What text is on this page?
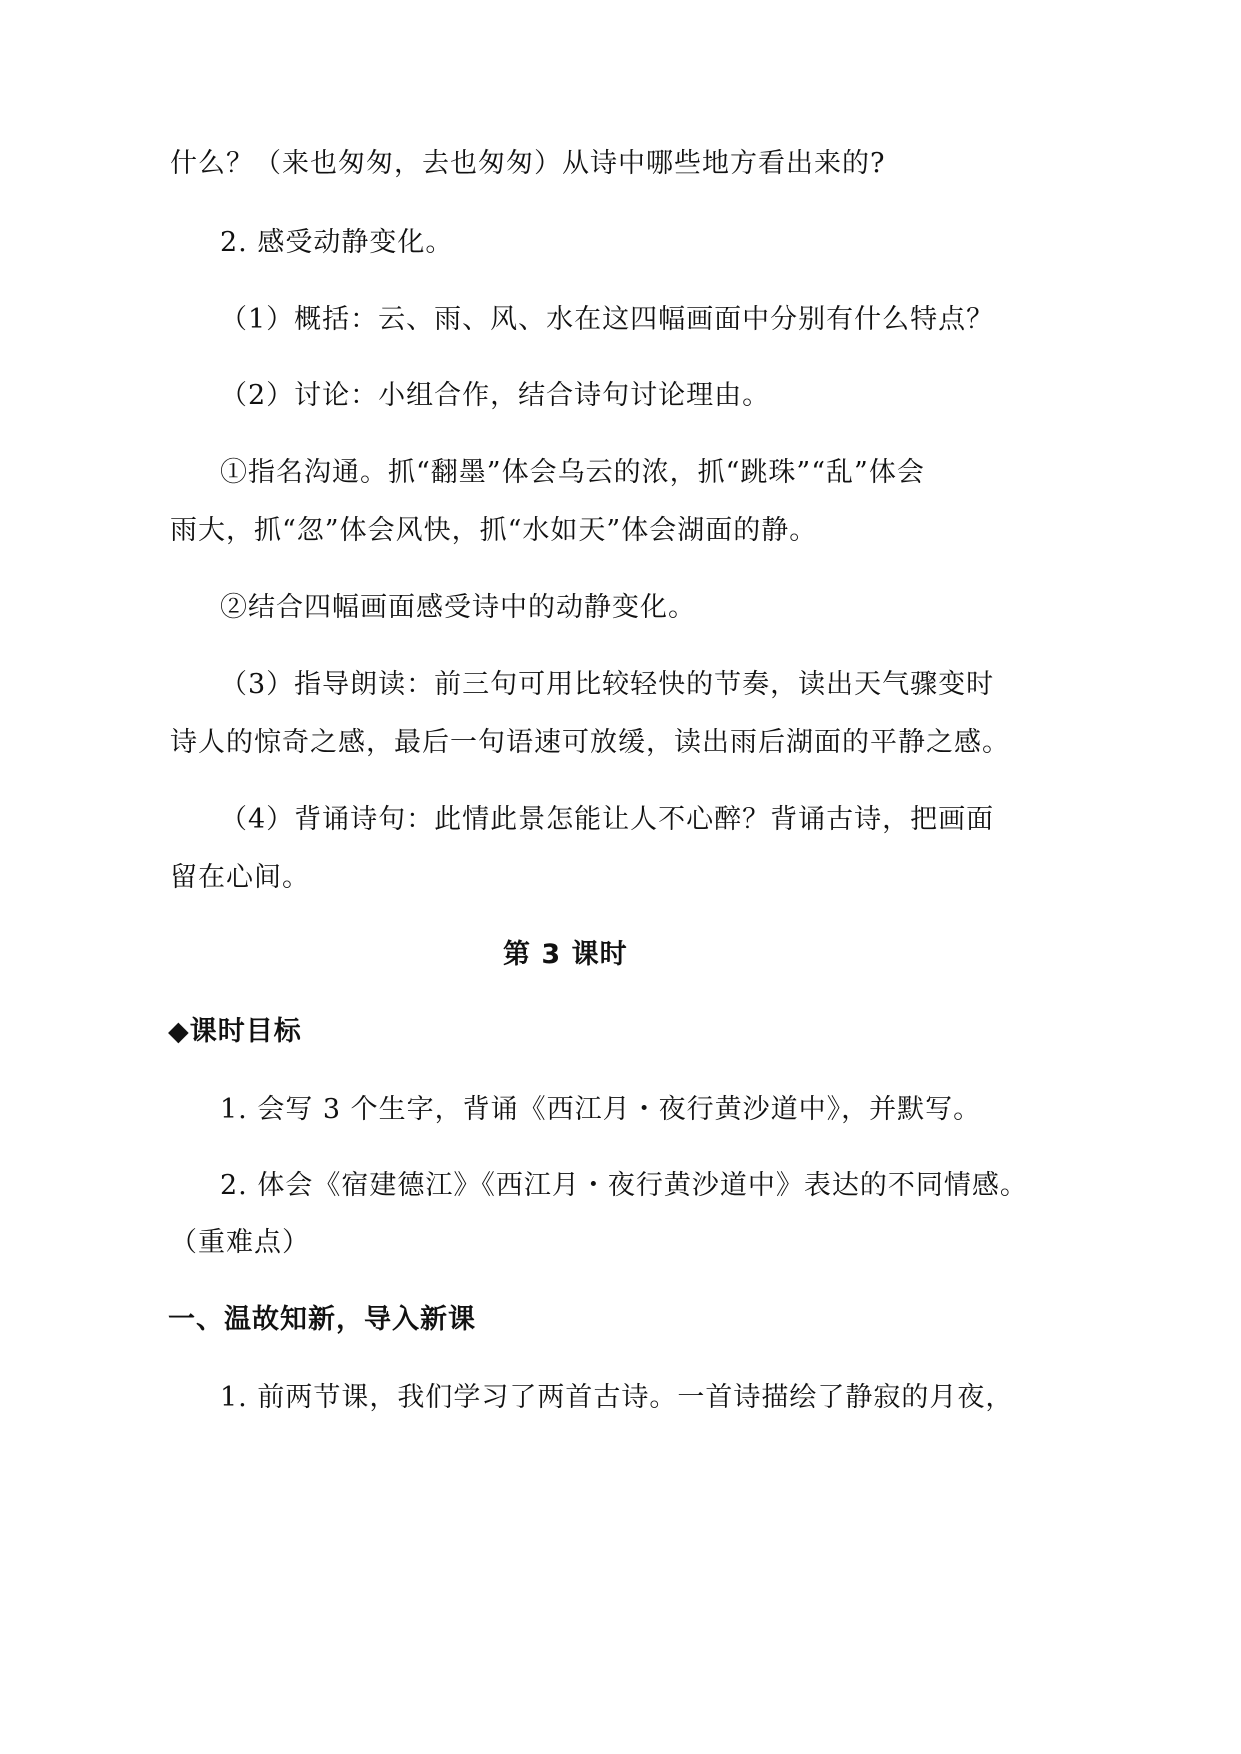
什么？（来也匆匆，去也匆匆）从诗中哪些地方看出来的?
2. 感受动静变化。
（1）概括：云、雨、风、水在这四幅画面中分别有什么特点？
（2）讨论：小组合作，结合诗句讨论理由。
①指名沟通。抓“翻墨”体会乌云的浓，抓“跳珠”“乱”体会
雨大，抓“忽”体会风快，抓“水如天”体会湖面的静。
②结合四幅画面感受诗中的动静变化。
（3）指导朗读：前三句可用比较轻快的节奏，读出天气骤变时
诗人的惊奇之感，最后一句语速可放缓，读出雨后湖面的平静之感。
（4）背诵诗句：此情此景怎能让人不心醉？背诵古诗，把画面
留在心间。
第 3 课时
◆课时目标
1. 会写 3 个生字，背诵《西江月・夜行黄沙道中》，并默写。
2. 体会《宿建德江》《西江月・夜行黄沙道中》表达的不同情感。
（重难点）
一、温故知新，导入新课
1. 前两节课，我们学习了两首古诗。一首诗描绘了静寂的月夜，
